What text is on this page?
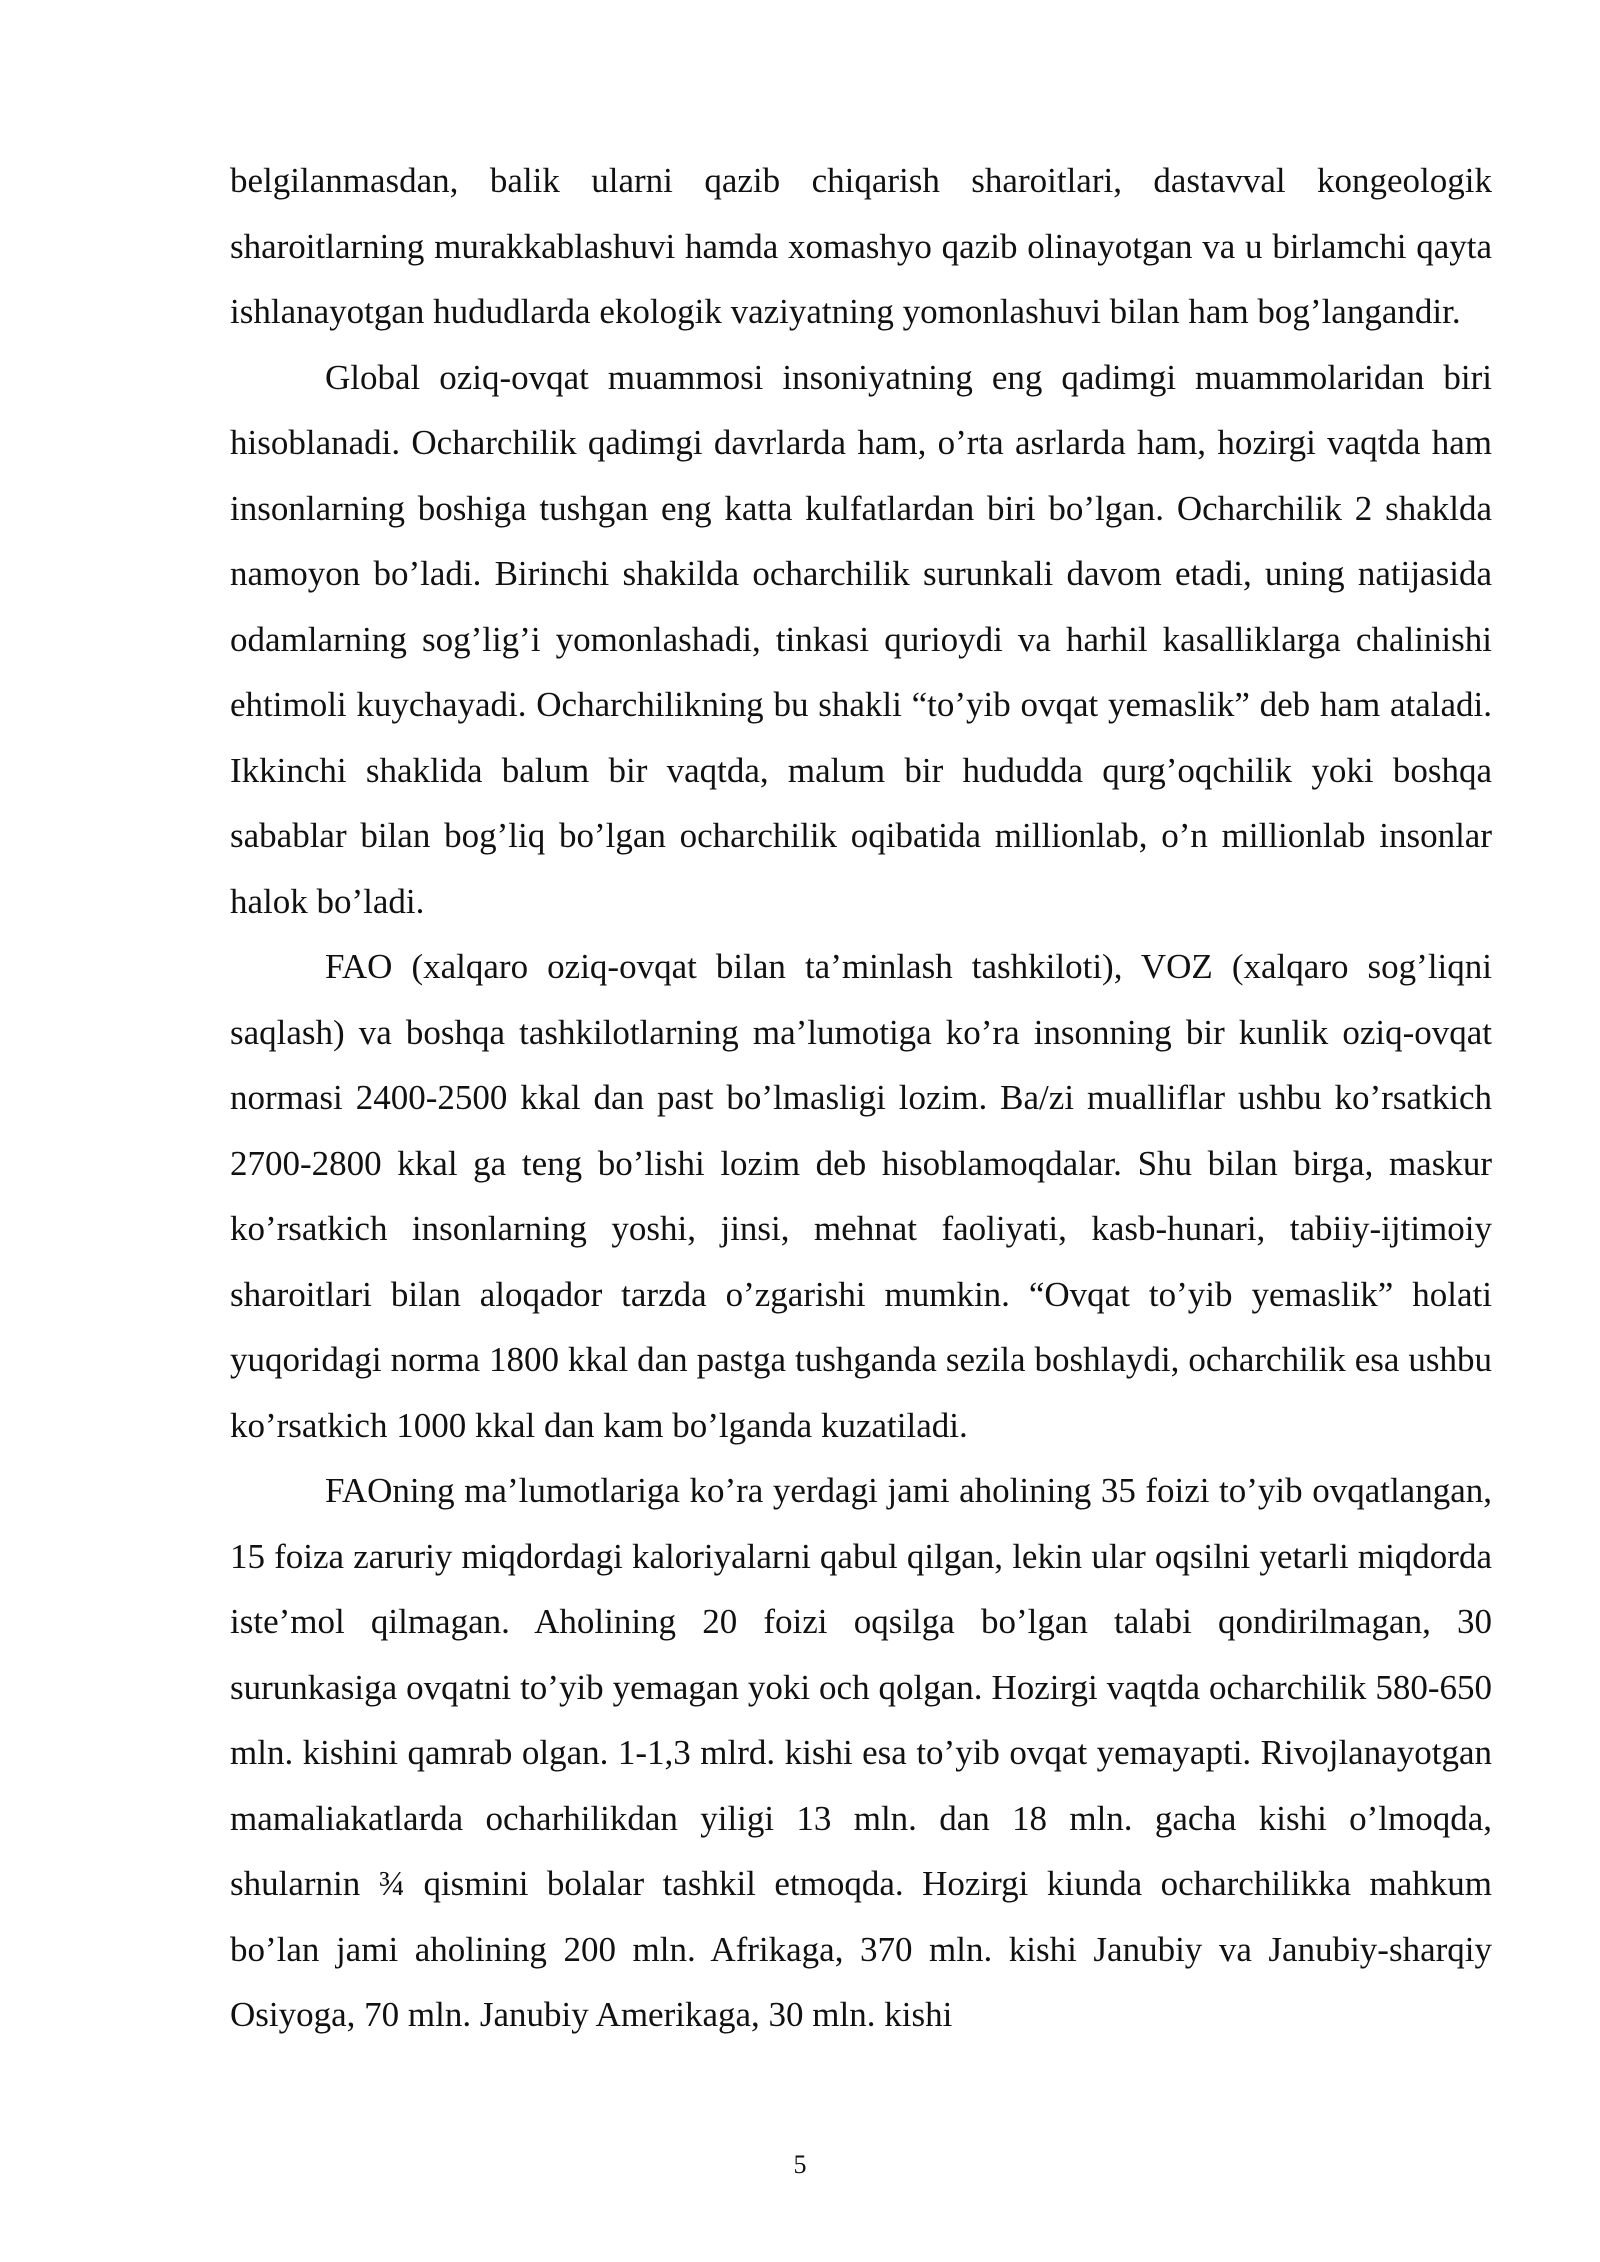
belgilanmasdan, balik ularni qazib chiqarish sharoitlari, dastavval kongeologik sharoitlarning murakkablashuvi hamda xomashyo qazib olinayotgan va u birlamchi qayta ishlanayotgan hududlarda ekologik vaziyatning yomonlashuvi bilan ham bog’langandir.

Global oziq-ovqat muammosi insoniyatning eng qadimgi muammolaridan biri hisoblanadi. Ocharchilik qadimgi davrlarda ham, o’rta asrlarda ham, hozirgi vaqtda ham insonlarning boshiga tushgan eng katta kulfatlardan biri bo’lgan. Ocharchilik 2 shaklda namoyon bo’ladi. Birinchi shakilda ocharchilik surunkali davom etadi, uning natijasida odamlarning sog’lig’i yomonlashadi, tinkasi qurioydi va harhil kasalliklarga chalinishi ehtimoli kuychayadi. Ocharchilikning bu shakli “to’yib ovqat yemaslik” deb ham ataladi. Ikkinchi shaklida balum bir vaqtda, malum bir hududda qurg’oqchilik yoki boshqa sabablar bilan bog’liq bo’lgan ocharchilik oqibatida millionlab, o’n millionlab insonlar halok bo’ladi.

FAO (xalqaro oziq-ovqat bilan ta’minlash tashkiloti), VOZ (xalqaro sog’liqni saqlash) va boshqa tashkilotlarning ma’lumotiga ko’ra insonning bir kunlik oziq-ovqat normasi 2400-2500 kkal dan past bo’lmasligi lozim. Ba/zi mualliflar ushbu ko’rsatkich 2700-2800 kkal ga teng bo’lishi lozim deb hisoblamoqdalar. Shu bilan birga, maskur ko’rsatkich insonlarning yoshi, jinsi, mehnat faoliyati, kasb-hunari, tabiiy-ijtimoiy sharoitlari bilan aloqador tarzda o’zgarishi mumkin. “Ovqat to’yib yemaslik” holati yuqoridagi norma 1800 kkal dan pastga tushganda sezila boshlaydi, ocharchilik esa ushbu ko’rsatkich 1000 kkal dan kam bo’lganda kuzatiladi.

FAOning ma’lumotlariga ko’ra yerdagi jami aholining 35 foizi to’yib ovqatlangan, 15 foiza zaruriy miqdordagi kaloriyalarni qabul qilgan, lekin ular oqsilni yetarli miqdorda iste’mol qilmagan. Aholining 20 foizi oqsilga bo’lgan talabi qondirilmagan, 30 surunkasiga ovqatni to’yib yemagan yoki och qolgan. Hozirgi vaqtda ocharchilik 580-650 mln. kishini qamrab olgan. 1-1,3 mlrd. kishi esa to’yib ovqat yemayapti. Rivojlanayotgan mamaliakatlarda ocharhilikdan yiligi 13 mln. dan 18 mln. gacha kishi o’lmoqda, shularnin ¾ qismini bolalar tashkil etmoqda. Hozirgi kiunda ocharchilikka mahkum bo’lan jami aholining 200 mln. Afrikaga, 370 mln. kishi Janubiy va Janubiy-sharqiy Osiyoga, 70 mln. Janubiy Amerikaga, 30 mln. kishi

5
